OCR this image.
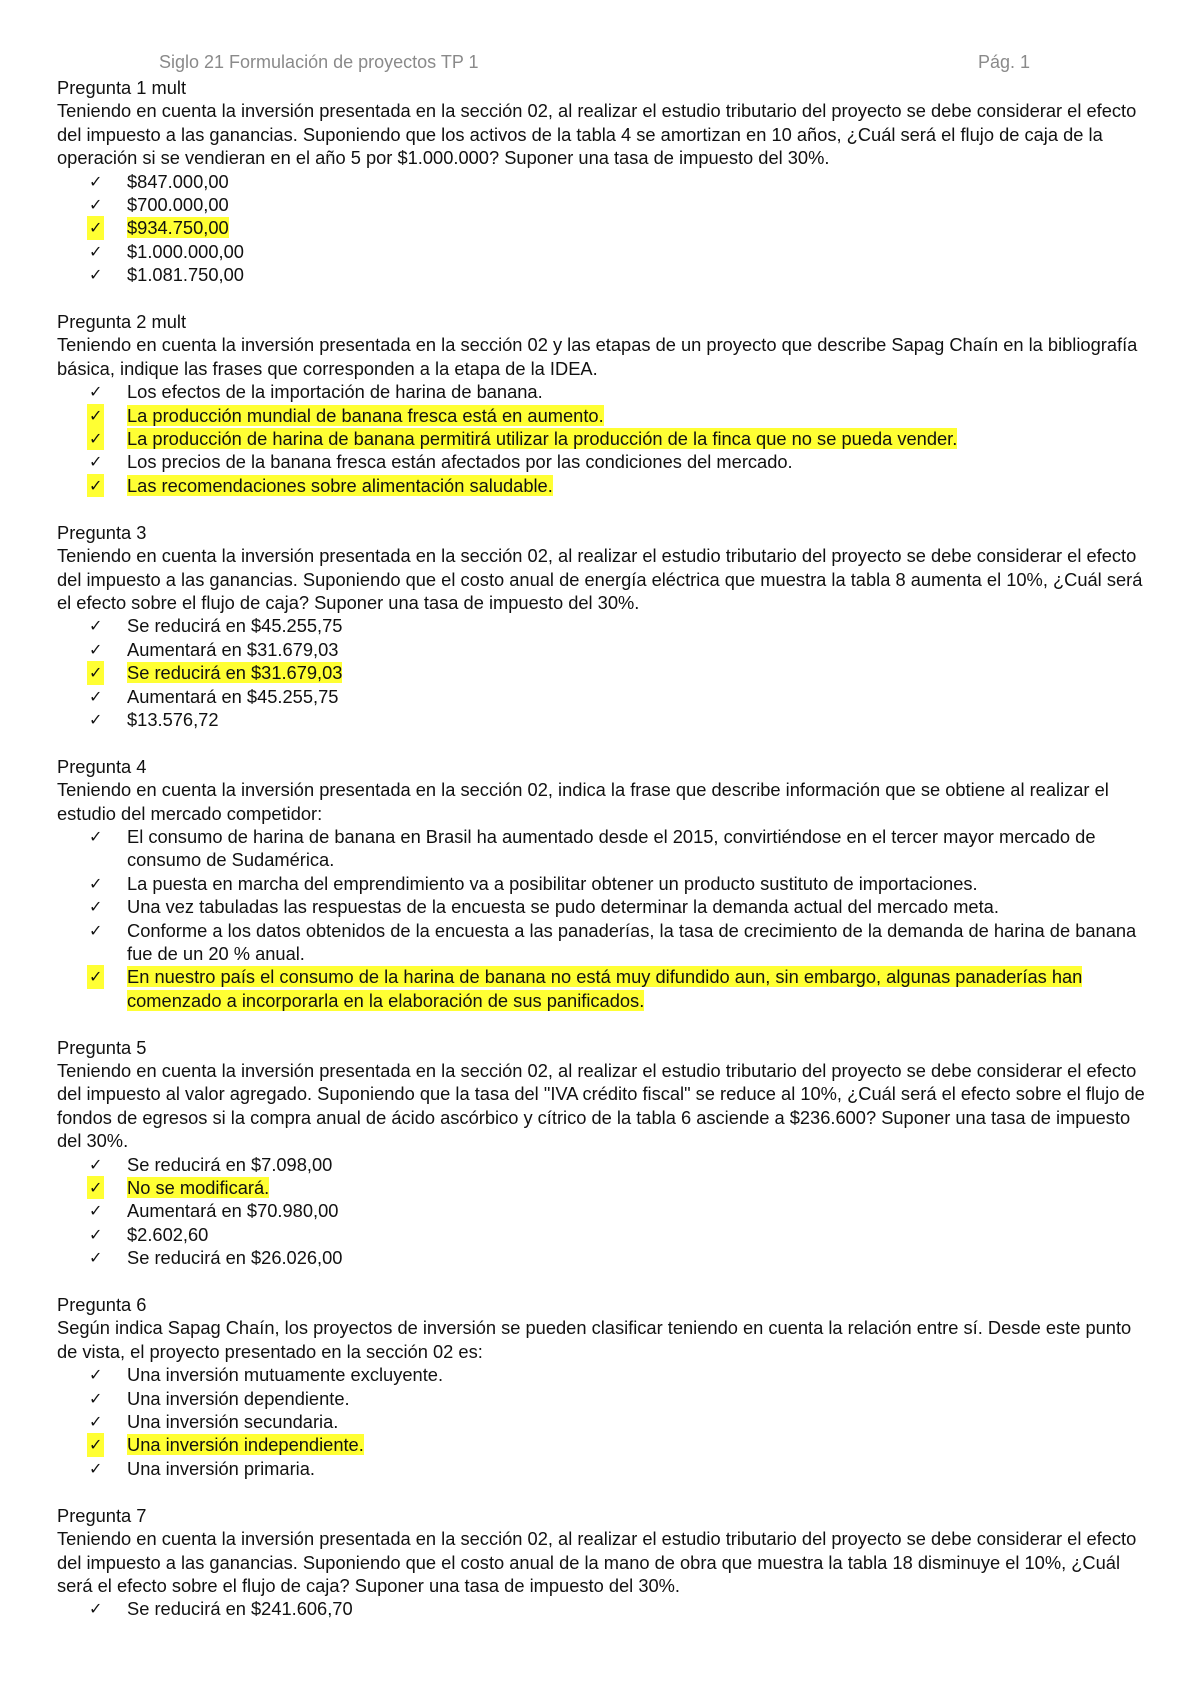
Siglo 21 Formulación de proyectos TP 1	Pág. 1
Pregunta 1 mult
Teniendo en cuenta la inversión presentada en la sección 02, al realizar el estudio tributario del proyecto se debe considerar el efecto del impuesto a las ganancias. Suponiendo que los activos de la tabla 4 se amortizan en 10 años, ¿Cuál será el flujo de caja de la operación si se vendieran en el año 5 por $1.000.000? Suponer una tasa de impuesto del 30%.
✓ $847.000,00
✓ $700.000,00
✓ $934.750,00
✓ $1.000.000,00
✓ $1.081.750,00
Pregunta 2 mult
Teniendo en cuenta la inversión presentada en la sección 02 y las etapas de un proyecto que describe Sapag Chaín en la bibliografía básica, indique las frases que corresponden a la etapa de la IDEA.
✓ Los efectos de la importación de harina de banana.
✓ La producción mundial de banana fresca está en aumento.
✓ La producción de harina de banana permitirá utilizar la producción de la finca que no se pueda vender.
✓ Los precios de la banana fresca están afectados por las condiciones del mercado.
✓ Las recomendaciones sobre alimentación saludable.
Pregunta 3
Teniendo en cuenta la inversión presentada en la sección 02, al realizar el estudio tributario del proyecto se debe considerar el efecto del impuesto a las ganancias. Suponiendo que el costo anual de energía eléctrica que muestra la tabla 8 aumenta el 10%, ¿Cuál será el efecto sobre el flujo de caja? Suponer una tasa de impuesto del 30%.
✓ Se reducirá en $45.255,75
✓ Aumentará en $31.679,03
✓ Se reducirá en $31.679,03
✓ Aumentará en $45.255,75
✓ $13.576,72
Pregunta 4
Teniendo en cuenta la inversión presentada en la sección 02, indica la frase que describe información que se obtiene al realizar el estudio del mercado competidor:
✓ El consumo de harina de banana en Brasil ha aumentado desde el 2015, convirtiéndose en el tercer mayor mercado de consumo de Sudamérica.
✓ La puesta en marcha del emprendimiento va a posibilitar obtener un producto sustituto de importaciones.
✓ Una vez tabuladas las respuestas de la encuesta se pudo determinar la demanda actual del mercado meta.
✓ Conforme a los datos obtenidos de la encuesta a las panaderías, la tasa de crecimiento de la demanda de harina de banana fue de un 20 % anual.
✓ En nuestro país el consumo de la harina de banana no está muy difundido aun, sin embargo, algunas panaderías han comenzado a incorporarla en la elaboración de sus panificados.
Pregunta 5
Teniendo en cuenta la inversión presentada en la sección 02, al realizar el estudio tributario del proyecto se debe considerar el efecto del impuesto al valor agregado. Suponiendo que la tasa del "IVA crédito fiscal" se reduce al 10%, ¿Cuál será el efecto sobre el flujo de fondos de egresos si la compra anual de ácido ascórbico y cítrico de la tabla 6 asciende a $236.600? Suponer una tasa de impuesto del 30%.
✓ Se reducirá en $7.098,00
✓ No se modificará.
✓ Aumentará en $70.980,00
✓ $2.602,60
✓ Se reducirá en $26.026,00
Pregunta 6
Según indica Sapag Chaín, los proyectos de inversión se pueden clasificar teniendo en cuenta la relación entre sí. Desde este punto de vista, el proyecto presentado en la sección 02 es:
✓ Una inversión mutuamente excluyente.
✓ Una inversión dependiente.
✓ Una inversión secundaria.
✓ Una inversión independiente.
✓ Una inversión primaria.
Pregunta 7
Teniendo en cuenta la inversión presentada en la sección 02, al realizar el estudio tributario del proyecto se debe considerar el efecto del impuesto a las ganancias. Suponiendo que el costo anual de la mano de obra que muestra la tabla 18 disminuye el 10%, ¿Cuál será el efecto sobre el flujo de caja? Suponer una tasa de impuesto del 30%.
✓ Se reducirá en $241.606,70
